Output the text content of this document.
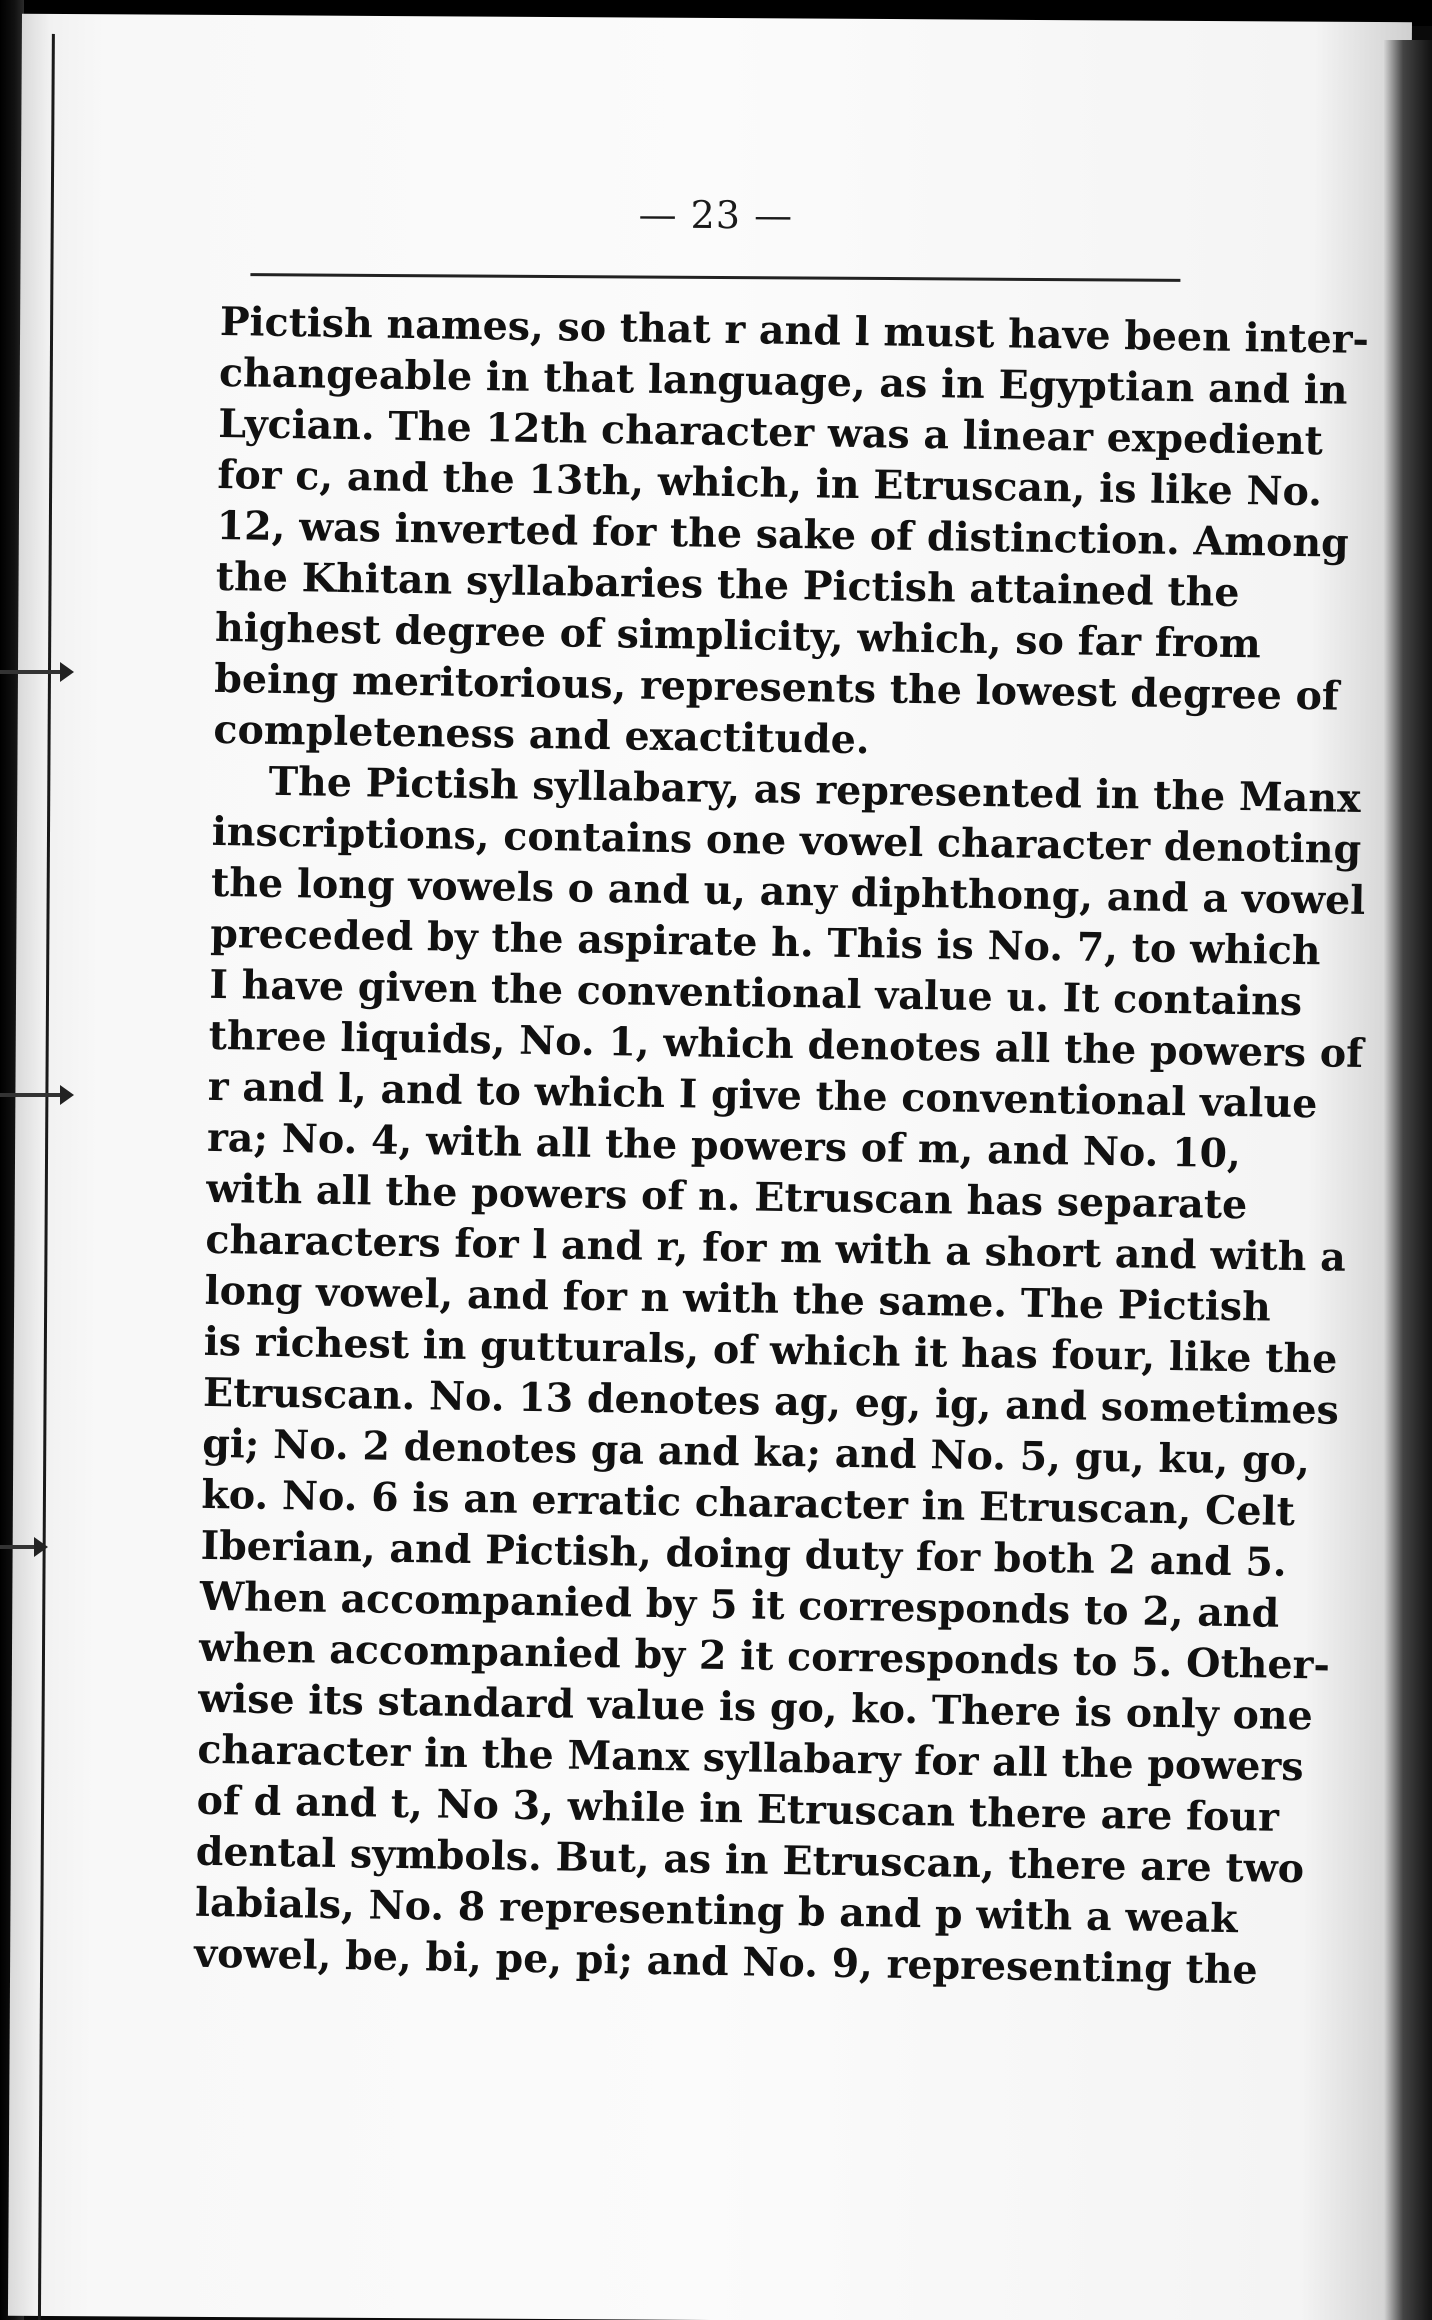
— 23 —
Pictish names, so that r and l must have been inter-
changeable in that language, as in Egyptian and in
Lycian. The 12th character was a linear expedient
for c, and the 13th, which, in Etruscan, is like No.
12, was inverted for the sake of distinction. Among
the Khitan syllabaries the Pictish attained the
highest degree of simplicity, which, so far from
being meritorious, represents the lowest degree of
completeness and exactitude.
The Pictish syllabary, as represented in the Manx
inscriptions, contains one vowel character denoting
the long vowels o and u, any diphthong, and a vowel
preceded by the aspirate h. This is No. 7, to which
I have given the conventional value u. It contains
three liquids, No. 1, which denotes all the powers of
r and l, and to which I give the conventional value
ra; No. 4, with all the powers of m, and No. 10,
with all the powers of n. Etruscan has separate
characters for l and r, for m with a short and with a
long vowel, and for n with the same. The Pictish
is richest in gutturals, of which it has four, like the
Etruscan. No. 13 denotes ag, eg, ig, and sometimes
gi; No. 2 denotes ga and ka; and No. 5, gu, ku, go,
ko. No. 6 is an erratic character in Etruscan, Celt
Iberian, and Pictish, doing duty for both 2 and 5.
When accompanied by 5 it corresponds to 2, and
when accompanied by 2 it corresponds to 5. Other-
wise its standard value is go, ko. There is only one
character in the Manx syllabary for all the powers
of d and t, No 3, while in Etruscan there are four
dental symbols. But, as in Etruscan, there are two
labials, No. 8 representing b and p with a weak
vowel, be, bi, pe, pi; and No. 9, representing the
